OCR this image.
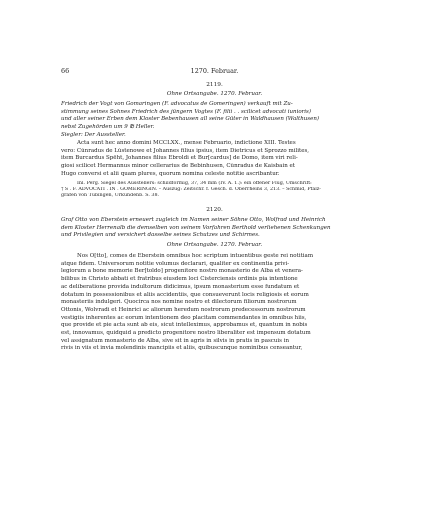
66	1270. Februar.
2119.
Ohne Ortsangabe. 1270. Februar.
Friedrich der Vogt von Gomaringen (F. advocatus de Gomeringen) verkauft mit Zu-
stimmung seines Sohnes Friedrich des jüngern Vogtes (F. filii . . scilicet advocati iunioris)
und aller seiner Erben dem Kloster Bebenhausen all seine Güter in Waldhausen (Walthusen)
nebst Zugehörden um 9 ℔ Heller.
Siegler: Der Aussteller.
Acta sunt hec anno domini MCCLXX., mense Februario, indictione XIII. Testes
vero: Cůnradus de Lůstenowe et Johannes filius ipsius, item Dietricus et Sprozzo milites,
item Burcardus Spëht, Johannes filius Ebroldi et Bur[cardus] de Domo, item viri reli-
giosi scilicet Hermannus minor cellerarius de Bebinhusen, Cůnradus de Kaisbain et
Hugo conversi et alii quam plures, quorum nomina celeste notitie ascribantur.
Inl. Perg. Siegel des Ausstellers: schildförmig, 37, 34 mm (IV. A. 1.): ein offener Flug, Umschrift:
† S . F. ADVOCATI . IN . GOMERINGIN. – Auszug: Zeitschr. f. Gesch. d. Oberrheins 3, 213. – Schmid, Pfalz-
grafen von Tübingen, Urkundenb. S. 38.
2120.
Graf Otto von Eberstein erneuert zugleich im Namen seiner Söhne Otto, Wolfrad und Heinrich
dem Kloster Herrenalb die demselben von seinem Vorfahren Berthold verliehenen Schenkungen
und Privilegien und versichert dasselbe seines Schutzes und Schirmes.
Ohne Ortsangabe. 1270. Februar.
Nos O[tto], comes de Eberstein omnibus hoc scriptum intuentibus geste rei notitiam
atque fidem. Universorum notitie volumus declarari, qualiter ex continentia privi-
legiorum a bone memorie Ber[toldo] progenitore nostro monasterio de Alba et venera-
bilibus in Christo abbati et fratribus eiusdem loci Cisterciensis ordinis pia intentione
ac deliberatione provida indultorum didicimus, ipsum monasterium esse fundatum et
dotatum in possessionibus et aliis accidentiis, que consueverunt locis religiosis et eorum
monasteriis indulgeri. Quocirca nos nomine nostro et dilectorum filiorum nostrorum
Ottonis, Wolvradi et Heinrici ac aliorum heredum nostrorum predecessorum nostrorum
vestigiis inherentes ac eorum intentionem deo placitam commendantes in omnibus hiis,
que provide et pie acta sunt ab eis, sicut intelleximus, approbamus et, quantum in nobis
est, innovamus, quidquid a predicto progenitore nostro liberaliter est impensum dotatum
vel assignatum monasterio de Alba, sive sit in agris in silvis in pratis in pascuis in
rivis in viis et invia molendinis mancipiis et aliis, quibuscunque nominibus censeantur,
